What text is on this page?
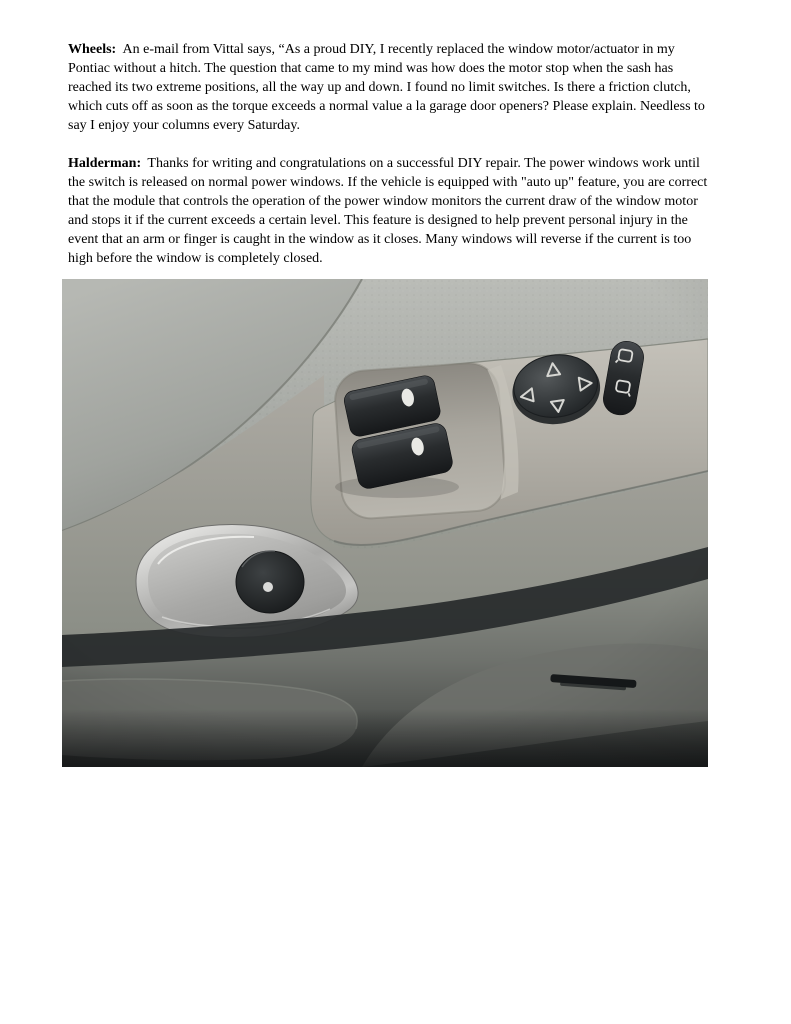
Wheels: An e-mail from Vittal says, “As a proud DIY, I recently replaced the window motor/actuator in my Pontiac without a hitch. The question that came to my mind was how does the motor stop when the sash has reached its two extreme positions, all the way up and down. I found no limit switches. Is there a friction clutch, which cuts off as soon as the torque exceeds a normal value a la garage door openers? Please explain. Needless to say I enjoy your columns every Saturday.

Halderman: Thanks for writing and congratulations on a successful DIY repair. The power windows work until the switch is released on normal power windows. If the vehicle is equipped with "auto up" feature, you are correct that the module that controls the operation of the power window monitors the current draw of the window motor and stops it if the current exceeds a certain level. This feature is designed to help prevent personal injury in the event that an arm or finger is caught in the window as it closes. Many windows will reverse if the current is too high before the window is completely closed.
